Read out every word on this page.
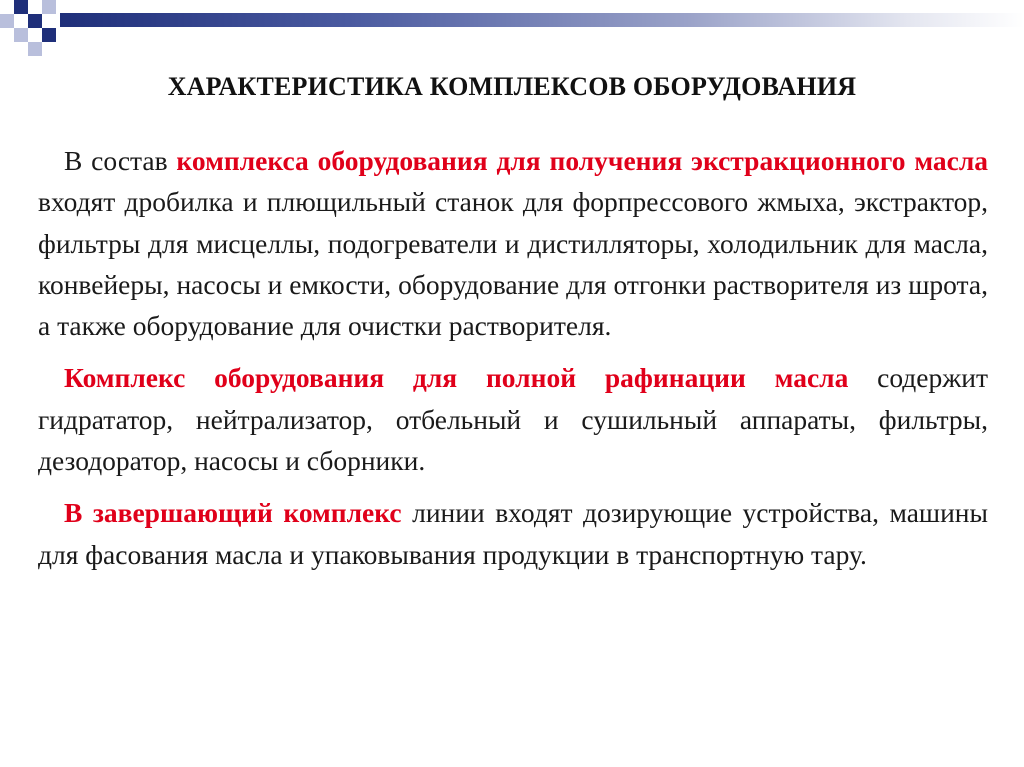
ХАРАКТЕРИСТИКА КОМПЛЕКСОВ ОБОРУДОВАНИЯ

В состав комплекса оборудования для получения экстракционного масла входят дробилка и плющильный станок для форпрессового жмыха, экстрактор, фильтры для мисцеллы, подогреватели и дистилляторы, холодильник для масла, конвейеры, насосы и емкости, оборудование для отгонки растворителя из шрота, а также оборудование для очистки растворителя.

Комплекс оборудования для полной рафинации масла содержит гидрататор, нейтрализатор, отбельный и сушильный аппараты, фильтры, дезодоратор, насосы и сборники.

В завершающий комплекс линии входят дозирующие устройства, машины для фасования масла и упаковывания продукции в транспортную тару.
